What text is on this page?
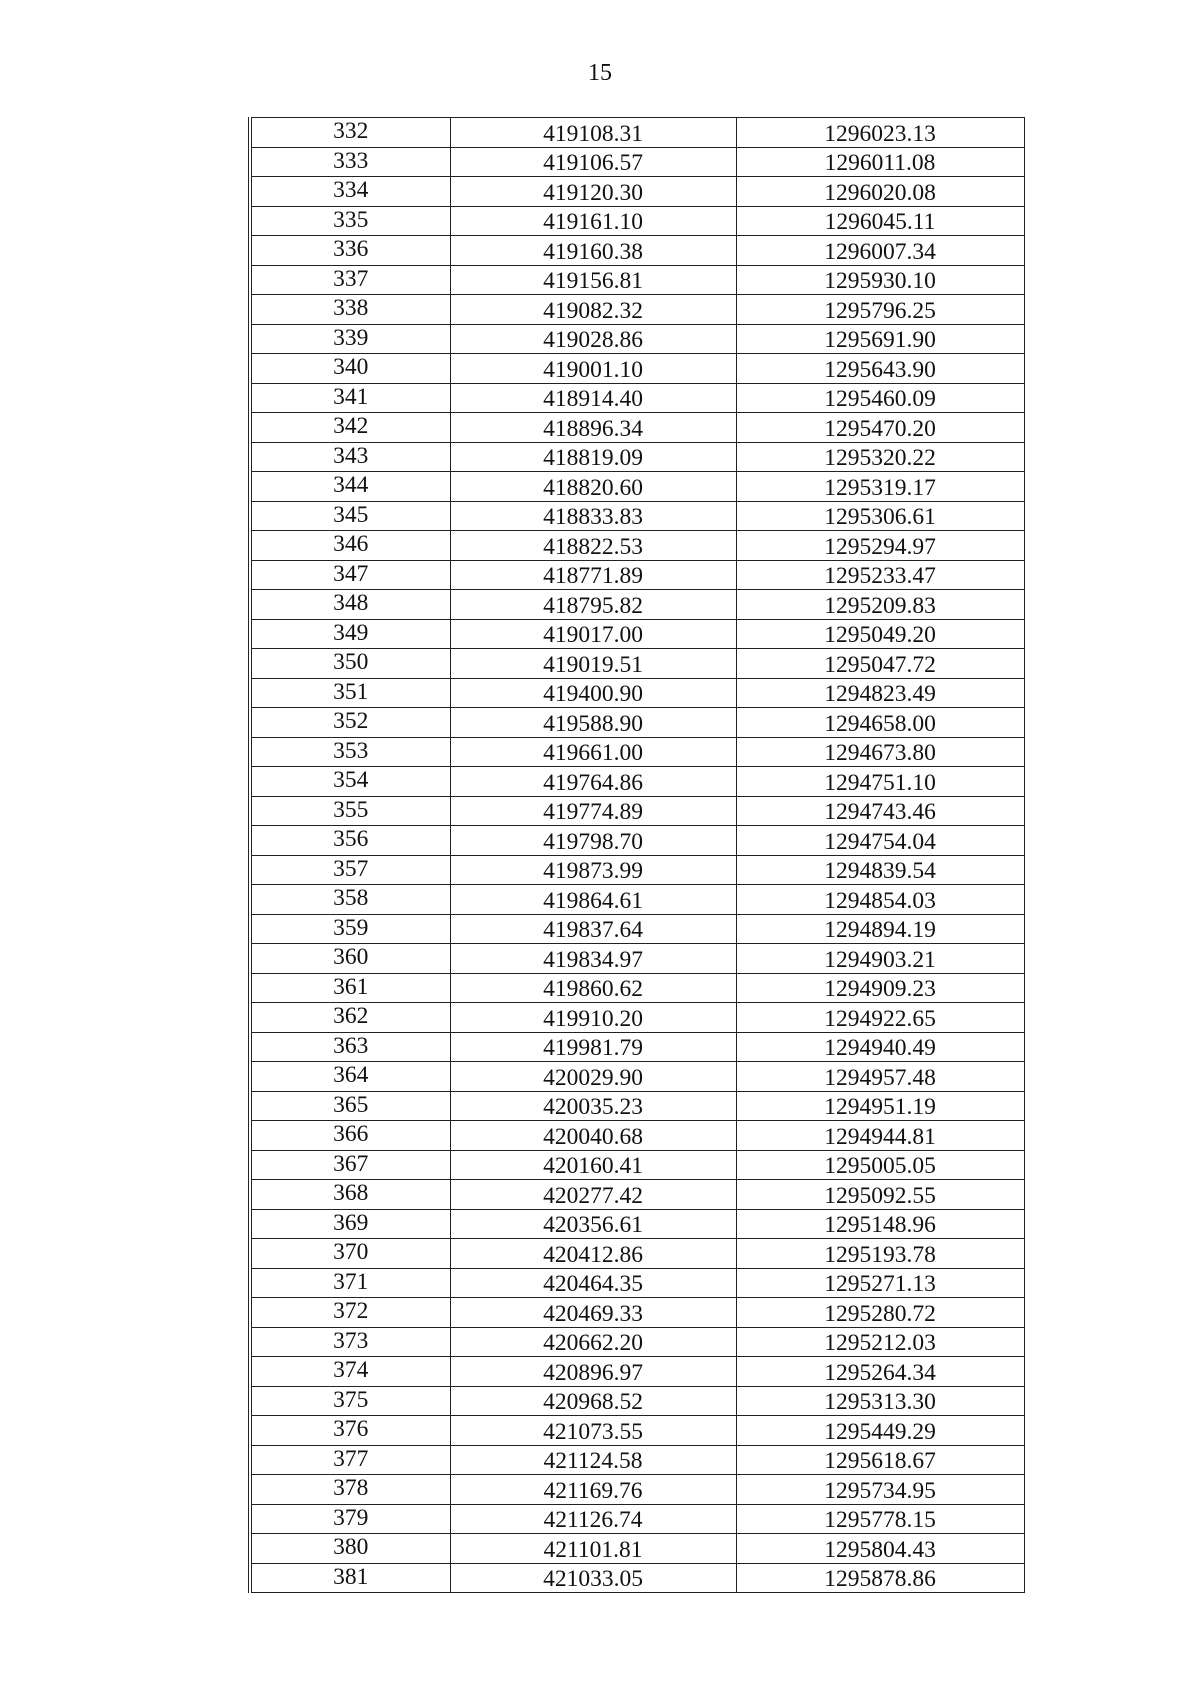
15
332	419108.31	1296023.13
333	419106.57	1296011.08
334	419120.30	1296020.08
335	419161.10	1296045.11
336	419160.38	1296007.34
337	419156.81	1295930.10
338	419082.32	1295796.25
339	419028.86	1295691.90
340	419001.10	1295643.90
341	418914.40	1295460.09
342	418896.34	1295470.20
343	418819.09	1295320.22
344	418820.60	1295319.17
345	418833.83	1295306.61
346	418822.53	1295294.97
347	418771.89	1295233.47
348	418795.82	1295209.83
349	419017.00	1295049.20
350	419019.51	1295047.72
351	419400.90	1294823.49
352	419588.90	1294658.00
353	419661.00	1294673.80
354	419764.86	1294751.10
355	419774.89	1294743.46
356	419798.70	1294754.04
357	419873.99	1294839.54
358	419864.61	1294854.03
359	419837.64	1294894.19
360	419834.97	1294903.21
361	419860.62	1294909.23
362	419910.20	1294922.65
363	419981.79	1294940.49
364	420029.90	1294957.48
365	420035.23	1294951.19
366	420040.68	1294944.81
367	420160.41	1295005.05
368	420277.42	1295092.55
369	420356.61	1295148.96
370	420412.86	1295193.78
371	420464.35	1295271.13
372	420469.33	1295280.72
373	420662.20	1295212.03
374	420896.97	1295264.34
375	420968.52	1295313.30
376	421073.55	1295449.29
377	421124.58	1295618.67
378	421169.76	1295734.95
379	421126.74	1295778.15
380	421101.81	1295804.43
381	421033.05	1295878.86
